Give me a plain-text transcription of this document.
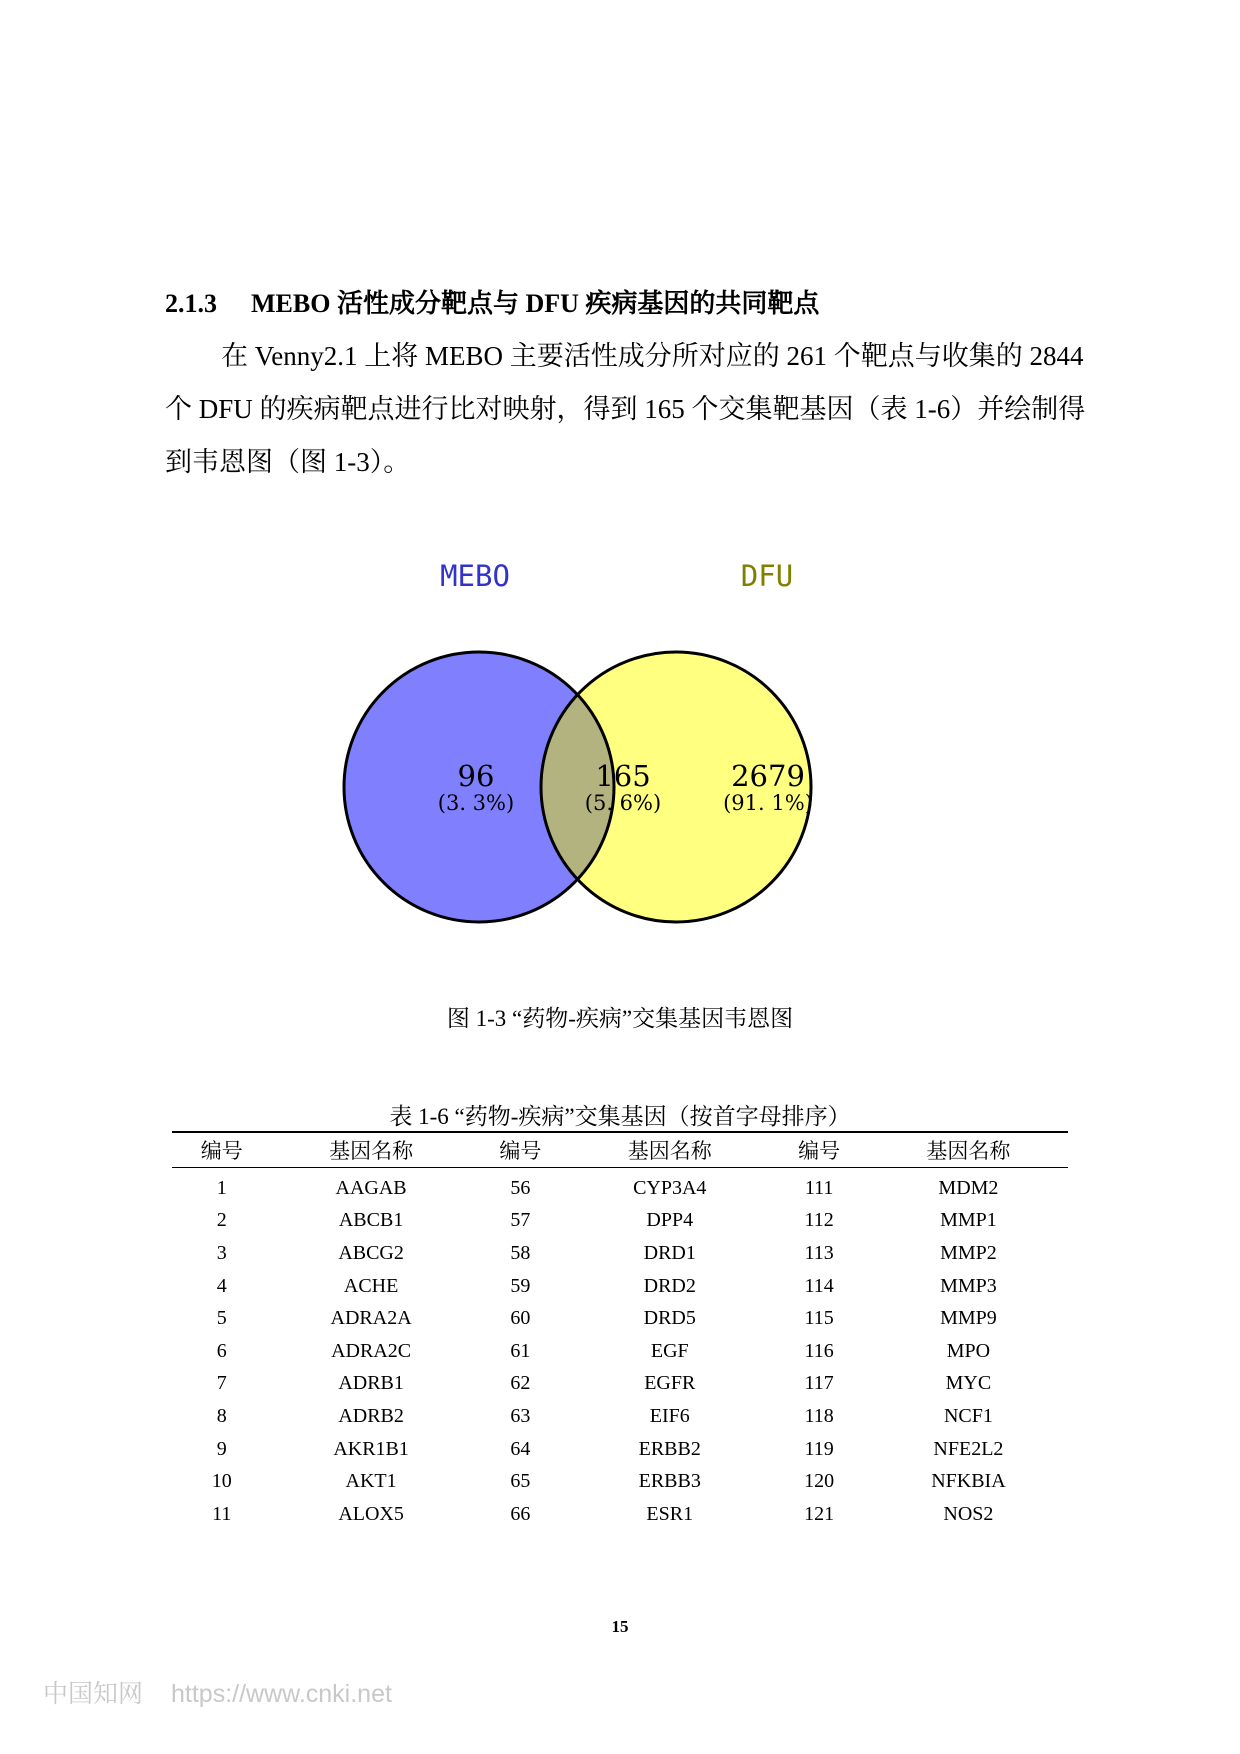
2.1.3 MEBO 活性成分靶点与 DFU 疾病基因的共同靶点

在 Venny2.1 上将 MEBO 主要活性成分所对应的 261 个靶点与收集的 2844 个 DFU 的疾病靶点进行比对映射，得到 165 个交集靶基因（表 1-6）并绘制得到韦恩图（图 1-3）。

MEBO	DFU
96
(3. 3%)
165
(5. 6%)
2679
(91. 1%)
图 1-3 “药物-疾病”交集基因韦恩图
表 1-6 “药物-疾病”交集基因（按首字母排序）
编号	基因名称	编号	基因名称	编号	基因名称
1	AAGAB	56	CYP3A4	111	MDM2
2	ABCB1	57	DPP4	112	MMP1
3	ABCG2	58	DRD1	113	MMP2
4	ACHE	59	DRD2	114	MMP3
5	ADRA2A	60	DRD5	115	MMP9
6	ADRA2C	61	EGF	116	MPO
7	ADRB1	62	EGFR	117	MYC
8	ADRB2	63	EIF6	118	NCF1
9	AKR1B1	64	ERBB2	119	NFE2L2
10	AKT1	65	ERBB3	120	NFKBIA
11	ALOX5	66	ESR1	121	NOS2
15
中国知网 https://www.cnki.net
